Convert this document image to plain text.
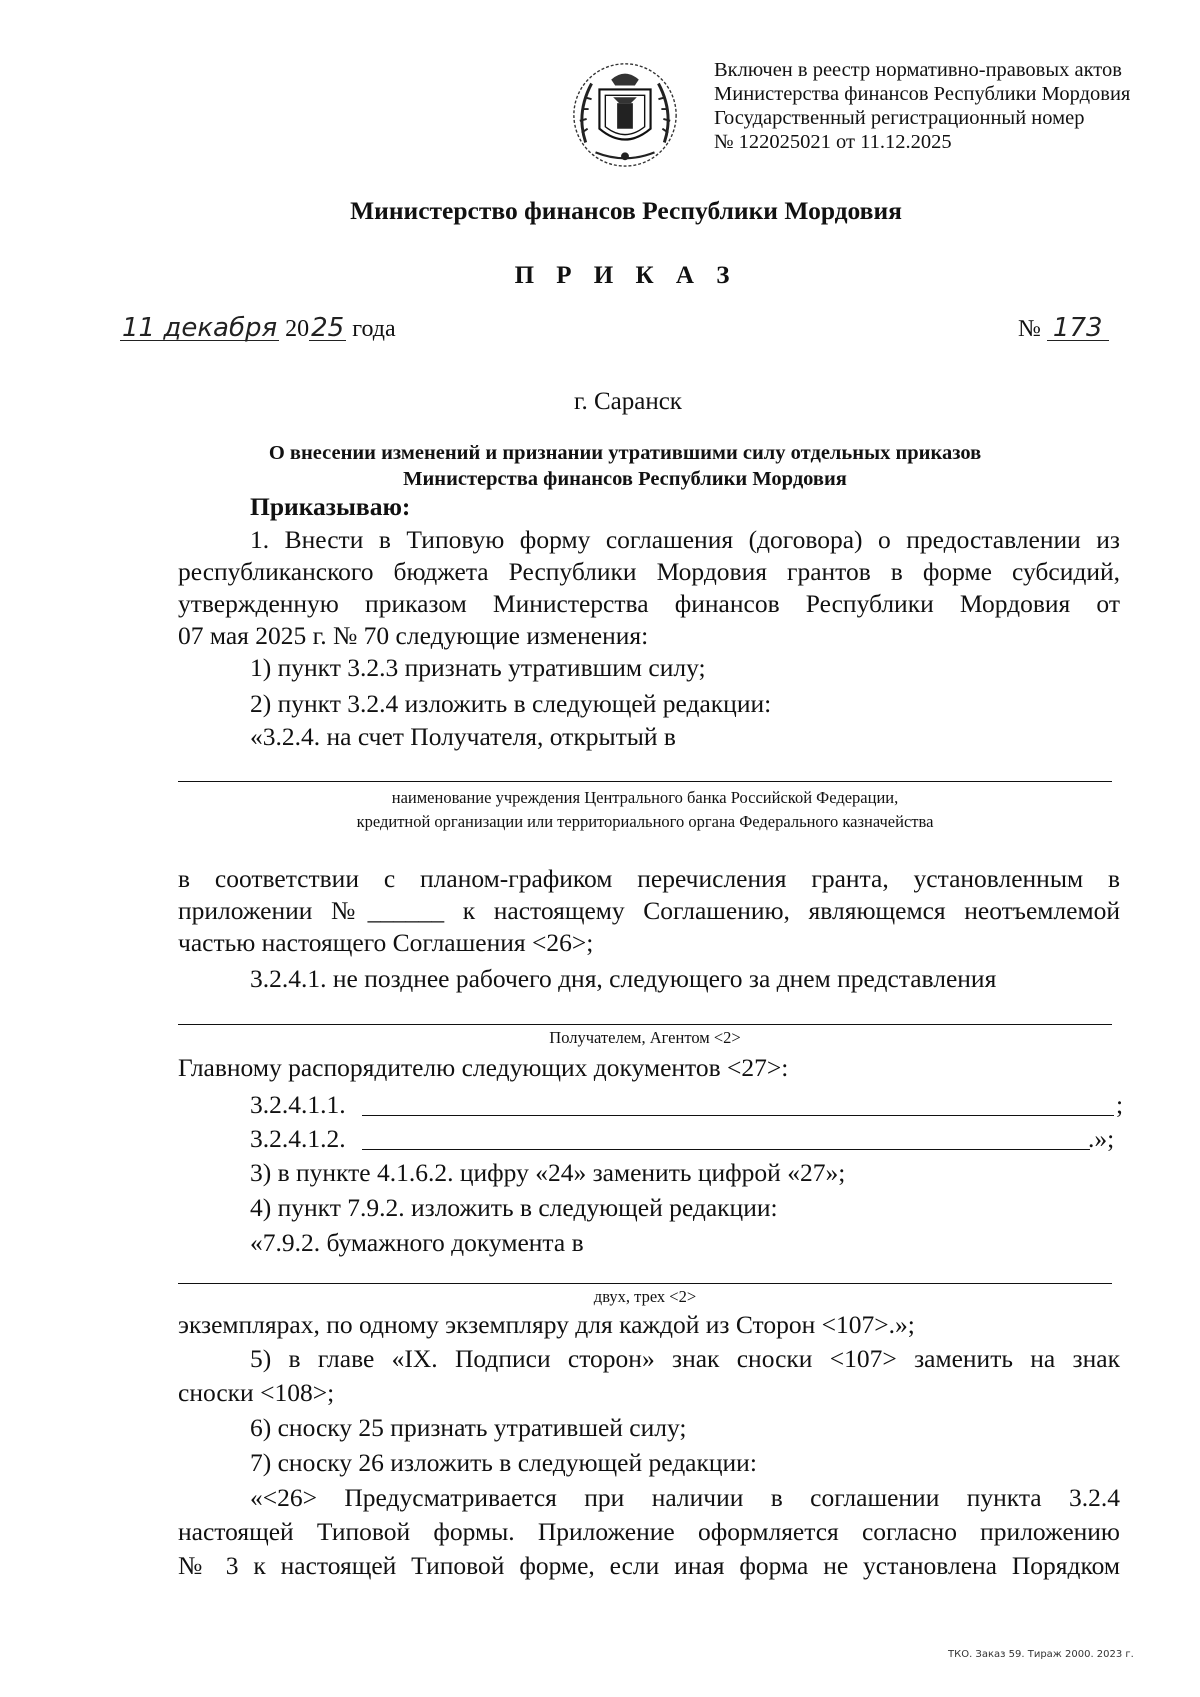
Включен в реестр нормативно-правовых актов
Министерства финансов Республики Мордовия
Государственный регистрационный номер
№ 122025021 от 11.12.2025
Министерство финансов Республики Мордовия
П Р И К А З
11 декабря 2025 года	№ 173
г. Саранск
О внесении изменений и признании утратившими силу отдельных приказов
Министерства финансов Республики Мордовия
Приказываю:
1. Внести в Типовую форму соглашения (договора) о предоставлении из
республиканского бюджета Республики Мордовия грантов в форме субсидий,
утвержденную приказом Министерства финансов Республики Мордовия от
07 мая 2025 г. № 70 следующие изменения:
1) пункт 3.2.3 признать утратившим силу;
2) пункт 3.2.4 изложить в следующей редакции:
«3.2.4. на счет Получателя, открытый в
наименование учреждения Центрального банка Российской Федерации,
кредитной организации или территориального органа Федерального казначейства
в соответствии с планом-графиком перечисления гранта, установленным в
приложении №______ к настоящему Соглашению, являющемся неотъемлемой
частью настоящего Соглашения <26>;
3.2.4.1. не позднее рабочего дня, следующего за днем представления
Получателем, Агентом <2>
Главному распорядителю следующих документов <27>:
3.2.4.1.1.	;
3.2.4.1.2.	.»;
3) в пункте 4.1.6.2. цифру «24» заменить цифрой «27»;
4) пункт 7.9.2. изложить в следующей редакции:
«7.9.2. бумажного документа в
двух, трех <2>
экземплярах, по одному экземпляру для каждой из Сторон <107>.»;
5) в главе «IX. Подписи сторон» знак сноски <107> заменить на знак
сноски <108>;
6) сноску 25 признать утратившей силу;
7) сноску 26 изложить в следующей редакции:
«<26> Предусматривается при наличии в соглашении пункта 3.2.4
настоящей Типовой формы. Приложение оформляется согласно приложению
№ 3 к настоящей Типовой форме, если иная форма не установлена Порядком
ТКО. Заказ 59. Тираж 2000. 2023 г.
